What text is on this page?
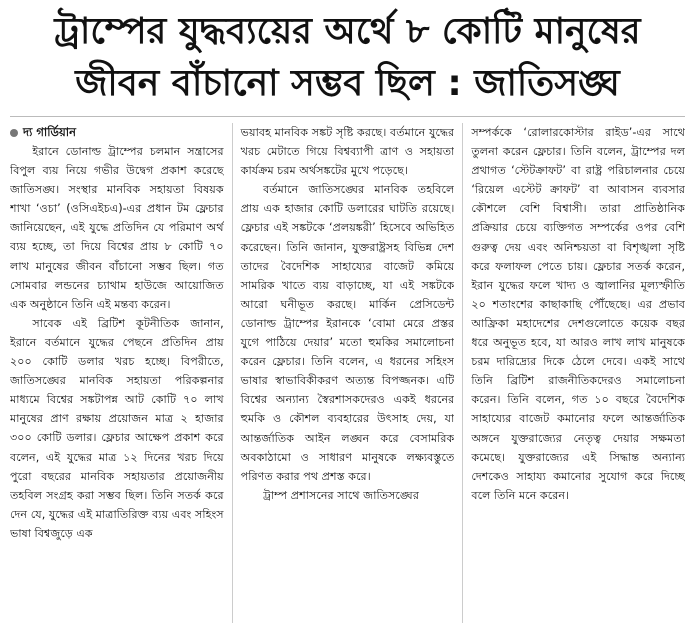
ট্রাম্পের যুদ্ধব্যয়ের অর্থে ৮ কোটি মানুষের
জীবন বাঁচানো সম্ভব ছিল : জাতিসঙ্ঘ
দ্য গার্ডিয়ান

ইরানে ডোনাল্ড ট্রাম্পের চলমান সন্ত্রাসের বিপুল ব্যয় নিয়ে গভীর উদ্বেগ প্রকাশ করেছে জাতিসঙ্ঘ। সংস্থার মানবিক সহায়তা বিষয়ক শাখা ‘ওচা’ (ওসিএইচএ)-এর প্রধান টম ফ্লেচার জানিয়েছেন, এই যুদ্ধে প্রতিদিন যে পরিমাণ অর্থ ব্যয় হচ্ছে, তা দিয়ে বিশ্বের প্রায় ৮ কোটি ৭০ লাখ মানুষের জীবন বাঁচানো সম্ভব ছিল। গত সোমবার লন্ডনের চ্যাথাম হাউজে আয়োজিত এক অনুষ্ঠানে তিনি এই মন্তব্য করেন।

সাবেক এই ব্রিটিশ কূটনীতিক জানান, ইরানে বর্তমানে যুদ্ধের পেছনে প্রতিদিন প্রায় ২০০ কোটি ডলার খরচ হচ্ছে। বিপরীতে, জাতিসঙ্ঘের মানবিক সহায়তা পরিকল্পনার মাধ্যমে বিশ্বের সঙ্কটাপন্ন আট কোটি ৭০ লাখ মানুষের প্রাণ রক্ষায় প্রয়োজন মাত্র ২ হাজার ৩০০ কোটি ডলার। ফ্লেচার আক্ষেপ প্রকাশ করে বলেন, এই যুদ্ধের মাত্র ১২ দিনের খরচ দিয়ে পুরো বছরের মানবিক সহায়তার প্রয়োজনীয় তহবিল সংগ্রহ করা সম্ভব ছিল। তিনি সতর্ক করে দেন যে, যুদ্ধের এই মাত্রাতিরিক্ত ব্যয় এবং সহিংস ভাষা বিশ্বজুড়ে এক

ভয়াবহ মানবিক সঙ্কট সৃষ্টি করছে। বর্তমানে যুদ্ধের খরচ মেটাতে গিয়ে বিশ্বব্যাপী ত্রাণ ও সহায়তা কার্যক্রম চরম অর্থসঙ্কটের মুখে পড়েছে।

বর্তমানে জাতিসঙ্ঘের মানবিক তহবিলে প্রায় এক হাজার কোটি ডলারের ঘাটতি রয়েছে। ফ্লেচার এই সঙ্কটকে ‘প্রলয়ঙ্করী’ হিসেবে অভিহিত করেছেন। তিনি জানান, যুক্তরাষ্ট্রসহ বিভিন্ন দেশ তাদের বৈদেশিক সাহায্যের বাজেট কমিয়ে সামরিক খাতে ব্যয় বাড়াচ্ছে, যা এই সঙ্কটকে আরো ঘনীভূত করছে। মার্কিন প্রেসিডেন্ট ডোনাল্ড ট্রাম্পের ইরানকে ‘বোমা মেরে প্রস্তর যুগে পাঠিয়ে দেয়ার’ মতো হুমকির সমালোচনা করেন ফ্লেচার। তিনি বলেন, এ ধরনের সহিংস ভাষার স্বাভাবিকীকরণ অত্যন্ত বিপজ্জনক। এটি বিশ্বের অন্যান্য স্বৈরশাসকদেরও একই ধরনের হুমকি ও কৌশল ব্যবহারের উৎসাহ দেয়, যা আন্তর্জাতিক আইন লঙ্ঘন করে বেসামরিক অবকাঠামো ও সাধারণ মানুষকে লক্ষ্যবস্তুতে পরিণত করার পথ প্রশস্ত করে।

ট্রাম্প প্রশাসনের সাথে জাতিসঙ্ঘের

সম্পর্ককে ‘রোলারকোস্টার রাইড’-এর সাথে তুলনা করেন ফ্লেচার। তিনি বলেন, ট্রাম্পের দল প্রথাগত ‘স্টেটক্রাফট’ বা রাষ্ট্র পরিচালনার চেয়ে ‘রিয়েল এস্টেট ক্রাফট’ বা আবাসন ব্যবসার কৌশলে বেশি বিশ্বাসী। তারা প্রাতিষ্ঠানিক প্রক্রিয়ার চেয়ে ব্যক্তিগত সম্পর্কের ওপর বেশি গুরুত্ব দেয় এবং অনিশ্চয়তা বা বিশৃঙ্খলা সৃষ্টি করে ফলাফল পেতে চায়। ফ্লেচার সতর্ক করেন, ইরান যুদ্ধের ফলে খাদ্য ও জ্বালানির মূল্যস্ফীতি ২০ শতাংশের কাছাকাছি পৌঁছেছে। এর প্রভাব আফ্রিকা মহাদেশের দেশগুলোতে কয়েক বছর ধরে অনুভূত হবে, যা আরও লাখ লাখ মানুষকে চরম দারিদ্র্যের দিকে ঠেলে দেবে। একই সাথে তিনি ব্রিটিশ রাজনীতিকদেরও সমালোচনা করেন। তিনি বলেন, গত ১০ বছরে বৈদেশিক সাহায্যের বাজেট কমানোর ফলে আন্তর্জাতিক অঙ্গনে যুক্তরাজ্যের নেতৃত্ব দেয়ার সক্ষমতা কমেছে। যুক্তরাজ্যের এই সিদ্ধান্ত অন্যান্য দেশকেও সাহায্য কমানোর সুযোগ করে দিচ্ছে বলে তিনি মনে করেন।
